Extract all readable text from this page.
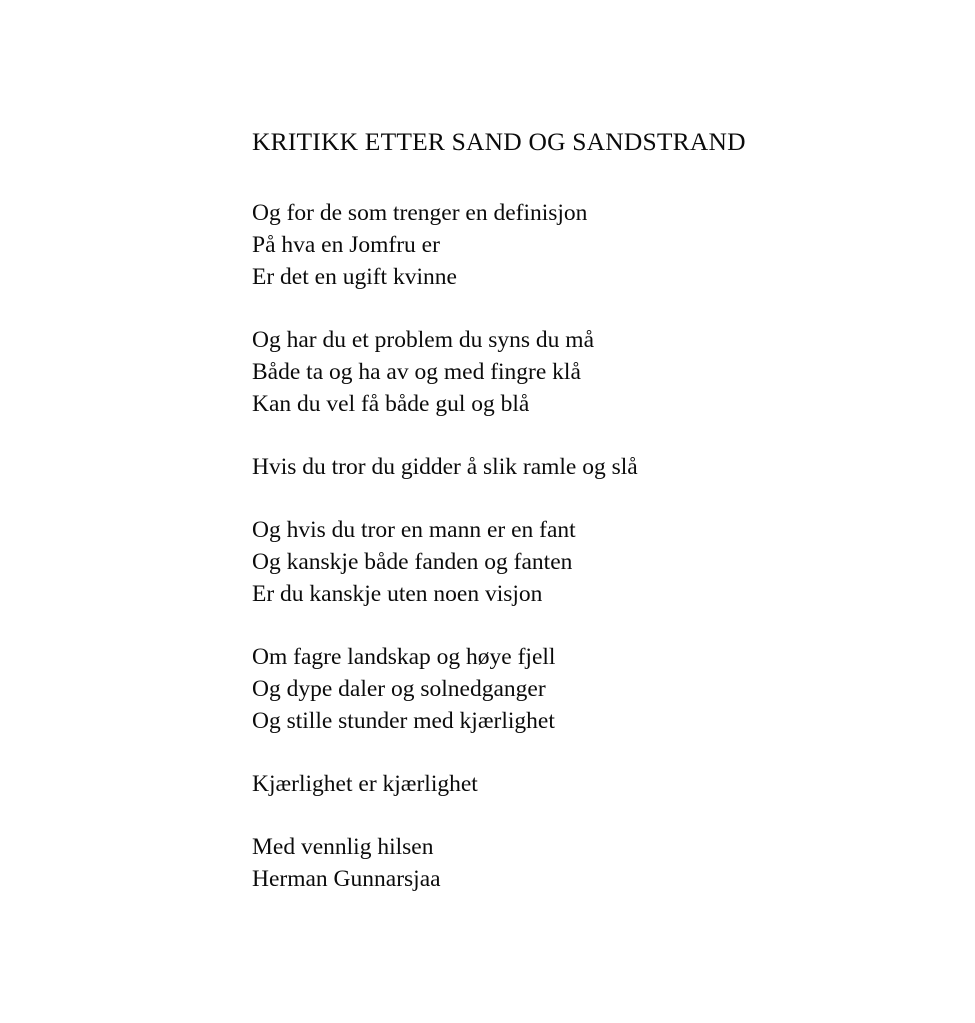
KRITIKK ETTER SAND OG SANDSTRAND
Og for de som trenger en definisjon
På hva en Jomfru er
Er det en ugift kvinne
Og har du et problem du syns du må
Både ta og ha av og med fingre klå
Kan du vel få både gul og blå
Hvis du tror du gidder å slik ramle og slå
Og hvis du tror en mann er en fant
Og kanskje både fanden og fanten
Er du kanskje uten noen visjon
Om fagre landskap og høye fjell
Og dype daler og solnedganger
Og stille stunder med kjærlighet
Kjærlighet er kjærlighet
Med vennlig hilsen
Herman Gunnarsjaa
